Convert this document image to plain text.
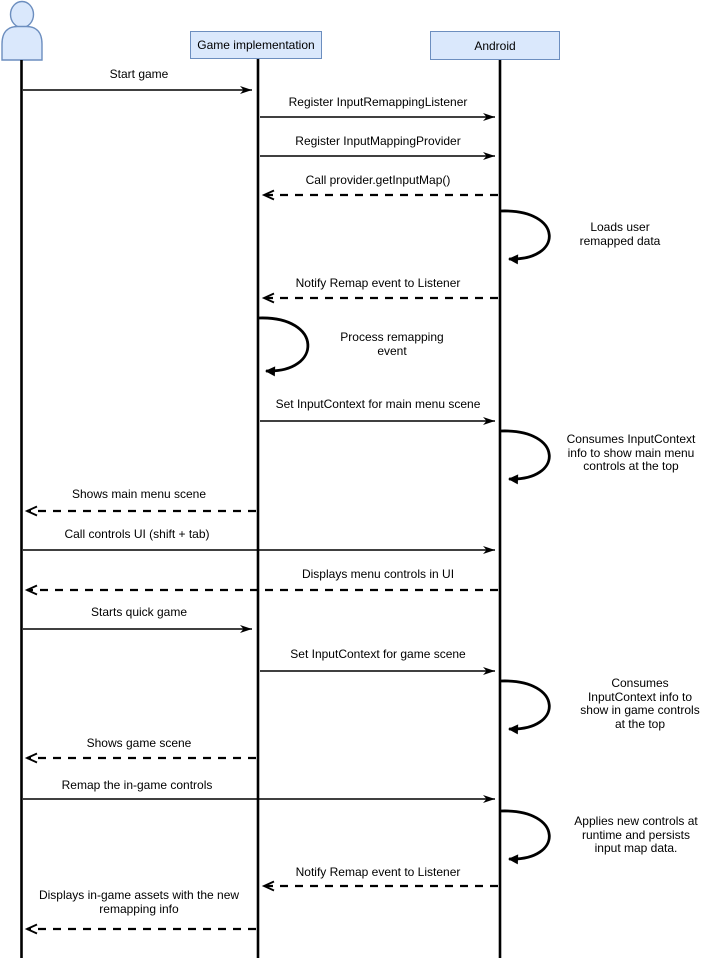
Game implementation	Android
Start game
Register InputRemappingListener
Register InputMappingProvider
Call provider.getInputMap()
Notify Remap event to Listener
Set InputContext for main menu scene
Shows main menu scene
Call controls UI (shift + tab)
Displays menu controls in UI
Starts quick game
Set InputContext for game scene
Shows game scene
Remap the in-game controls
Notify Remap event to Listener
Displays in-game assets with the new remapping info
Loads user remapped data
Process remapping event
Consumes InputContext info to show main menu controls at the top
Consumes InputContext info to show in game controls at the top
Applies new controls at runtime and persists input map data.
